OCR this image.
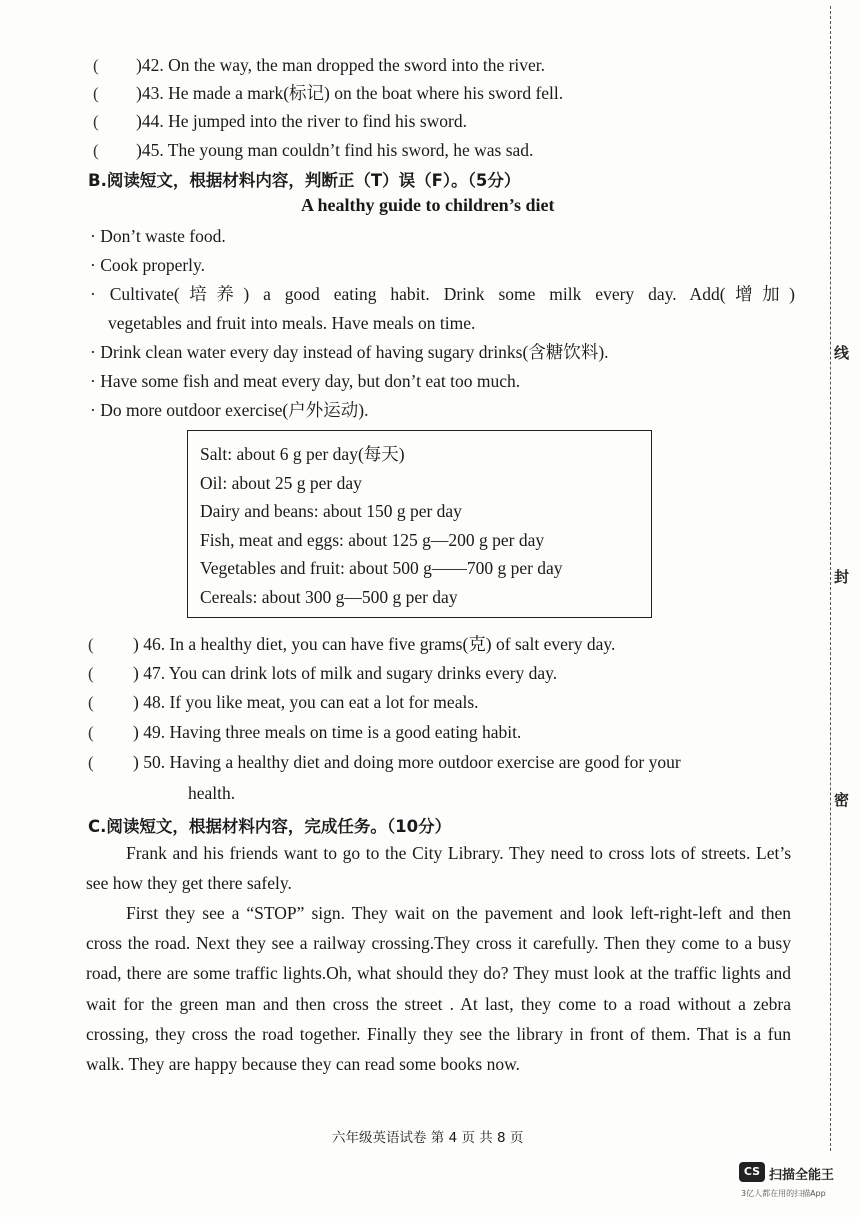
( )42. On the way, the man dropped the sword into the river.
( )43. He made a mark(标记) on the boat where his sword fell.
( )44. He jumped into the river to find his sword.
( )45. The young man couldn’t find his sword, he was sad.
B.阅读短文，根据材料内容，判断正（T）误（F）。（5分）
A healthy guide to children’s diet
· Don’t waste food.
· Cook properly.
· Cultivate(培养) a good eating habit. Drink some milk every day. Add(增加)
vegetables and fruit into meals. Have meals on time.
· Drink clean water every day instead of having sugary drinks(含糖饮料).
· Have some fish and meat every day, but don’t eat too much.
· Do more outdoor exercise(户外运动).
Salt: about 6 g per day(每天)
Oil: about 25 g per day
Dairy and beans: about 150 g per day
Fish, meat and eggs: about 125 g—200 g per day
Vegetables and fruit: about 500 g——700 g per day
Cereals: about 300 g—500 g per day
( ) 46. In a healthy diet, you can have five grams(克) of salt every day.
( ) 47. You can drink lots of milk and sugary drinks every day.
( ) 48. If you like meat, you can eat a lot for meals.
( ) 49. Having three meals on time is a good eating habit.
( ) 50. Having a healthy diet and doing more outdoor exercise are good for your
health.
C.阅读短文，根据材料内容，完成任务。（10分）
Frank and his friends want to go to the City Library. They need to cross lots of streets. Let’s see how they get there safely.
First they see a “STOP” sign. They wait on the pavement and look left-right-left and then cross the road. Next they see a railway crossing.They cross it carefully. Then they come to a busy road, there are some traffic lights.Oh, what should they do? They must look at the traffic lights and wait for the green man and then cross the street . At last, they come to a road without a zebra crossing, they cross the road together. Finally they see the library in front of them. That is a fun walk. They are happy because they can read some books now.
六年级英语试卷 第 4 页 共 8 页
线
封
密
CS 扫描全能王
3亿人都在用的扫描App
